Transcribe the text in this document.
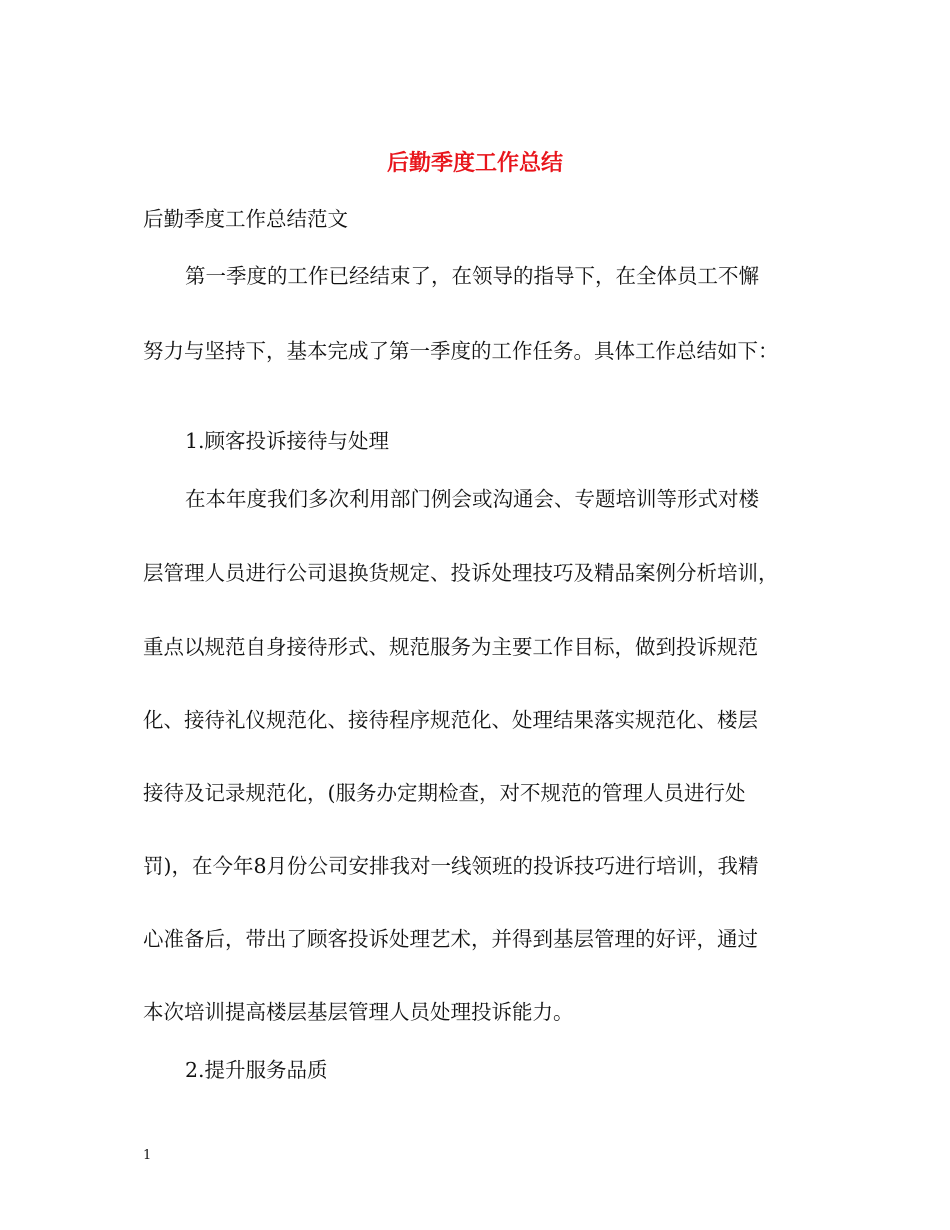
后勤季度工作总结
后勤季度工作总结范文
第一季度的工作已经结束了，在领导的指导下，在全体员工不懈
努力与坚持下，基本完成了第一季度的工作任务。具体工作总结如下：
1.顾客投诉接待与处理
在本年度我们多次利用部门例会或沟通会、专题培训等形式对楼
层管理人员进行公司退换货规定、投诉处理技巧及精品案例分析培训，
重点以规范自身接待形式、规范服务为主要工作目标，做到投诉规范
化、接待礼仪规范化、接待程序规范化、处理结果落实规范化、楼层
接待及记录规范化，(服务办定期检查，对不规范的管理人员进行处
罚)，在今年8月份公司安排我对一线领班的投诉技巧进行培训，我精
心准备后，带出了顾客投诉处理艺术，并得到基层管理的好评，通过
本次培训提高楼层基层管理人员处理投诉能力。
2.提升服务品质
1
